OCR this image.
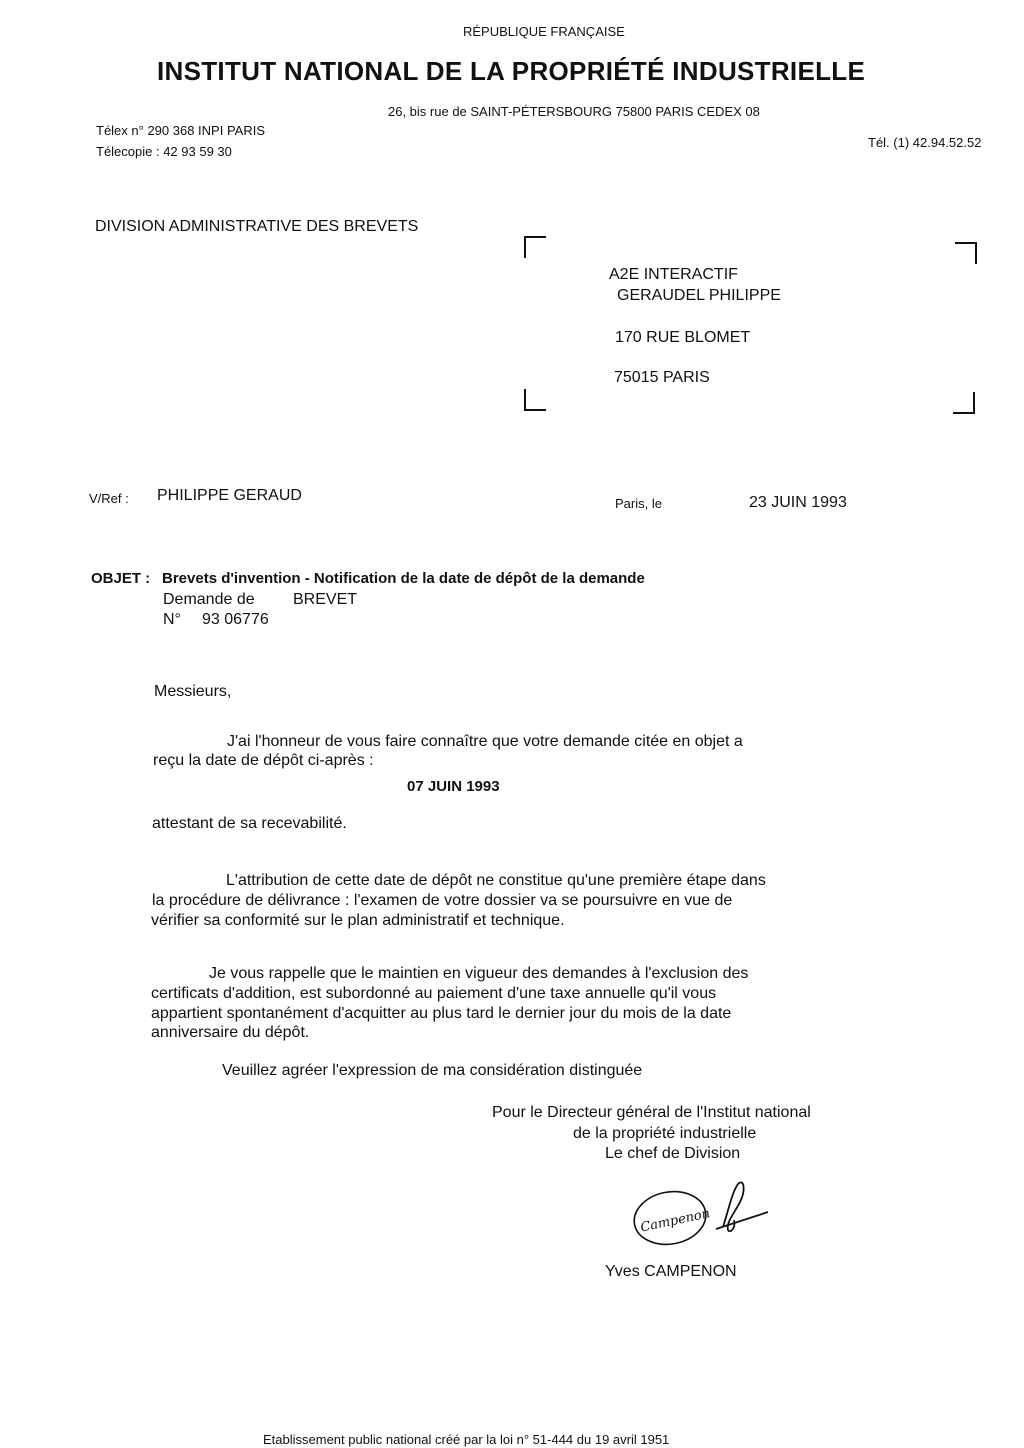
RÉPUBLIQUE FRANÇAISE
INSTITUT NATIONAL DE LA PROPRIÉTÉ INDUSTRIELLE
26, bis rue de SAINT-PÉTERSBOURG 75800 PARIS CEDEX 08
Télex n° 290 368 INPI PARIS
Télecopie : 42 93 59 30
Tél. (1) 42.94.52.52
DIVISION ADMINISTRATIVE DES BREVETS
A2E INTERACTIF
GERAUDEL PHILIPPE
170 RUE BLOMET
75015 PARIS
V/Ref : PHILIPPE GERAUD	Paris, le	23 JUIN 1993
OBJET : Brevets d'invention - Notification de la date de dépôt de la demande
Demande de BREVET
N° 93 06776
Messieurs,
J'ai l'honneur de vous faire connaître que votre demande citée en objet a
reçu la date de dépôt ci-après :
07 JUIN 1993
attestant de sa recevabilité.
L'attribution de cette date de dépôt ne constitue qu'une première étape dans
la procédure de délivrance : l'examen de votre dossier va se poursuivre en vue de
vérifier sa conformité sur le plan administratif et technique.
Je vous rappelle que le maintien en vigueur des demandes à l'exclusion des
certificats d'addition, est subordonné au paiement d'une taxe annuelle qu'il vous
appartient spontanément d'acquitter au plus tard le dernier jour du mois de la date
anniversaire du dépôt.
Veuillez agréer l'expression de ma considération distinguée
Pour le Directeur général de l'Institut national
de la propriété industrielle
Le chef de Division
Campenon
Yves CAMPENON
Etablissement public national créé par la loi n° 51-444 du 19 avril 1951
